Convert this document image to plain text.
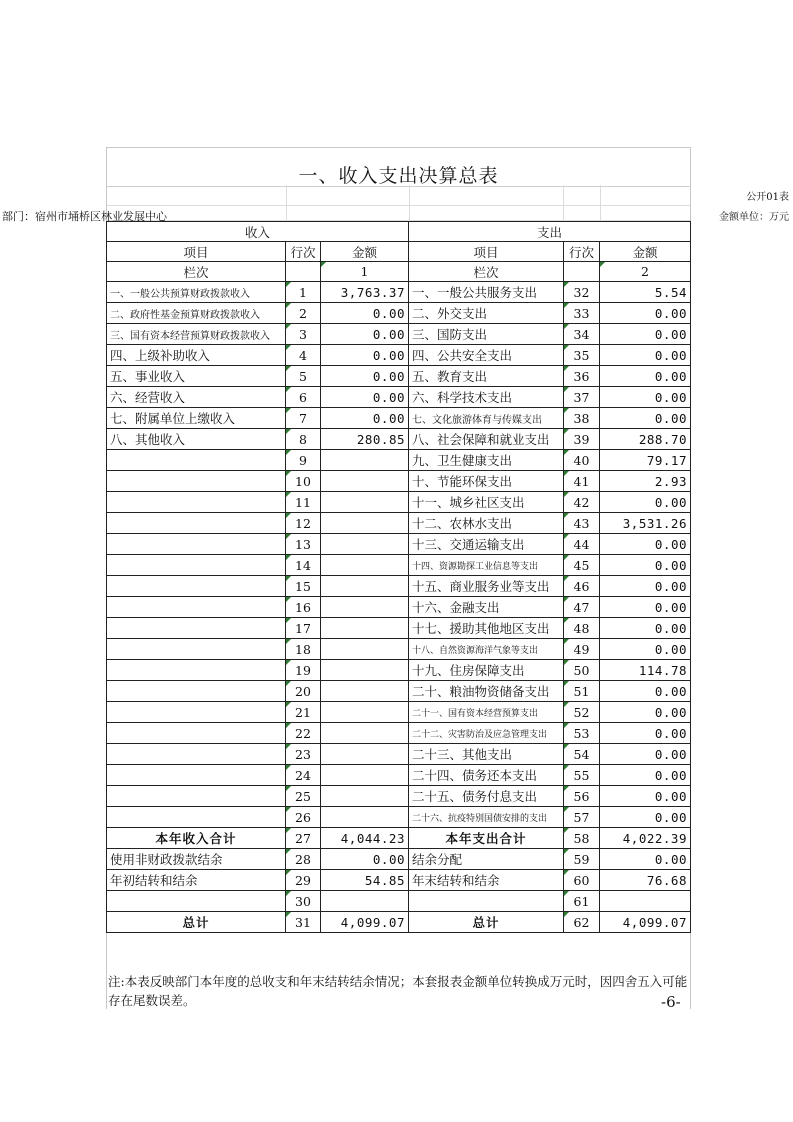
一、收入支出决算总表
公开01表
部门：宿州市埇桥区林业发展中心	金额单位：万元
收入			支出		
项目	行次	金额	项目	行次	金额
栏次		1	栏次		2
一、一般公共预算财政拨款收入	1	3,763.37	一、一般公共服务支出	32	5.54
二、政府性基金预算财政拨款收入	2	0.00	二、外交支出	33	0.00
三、国有资本经营预算财政拨款收入	3	0.00	三、国防支出	34	0.00
四、上级补助收入	4	0.00	四、公共安全支出	35	0.00
五、事业收入	5	0.00	五、教育支出	36	0.00
六、经营收入	6	0.00	六、科学技术支出	37	0.00
七、附属单位上缴收入	7	0.00	七、文化旅游体育与传媒支出	38	0.00
八、其他收入	8	280.85	八、社会保障和就业支出	39	288.70
	9		九、卫生健康支出	40	79.17
	10		十、节能环保支出	41	2.93
	11		十一、城乡社区支出	42	0.00
	12		十二、农林水支出	43	3,531.26
	13		十三、交通运输支出	44	0.00
	14		十四、资源勘探工业信息等支出	45	0.00
	15		十五、商业服务业等支出	46	0.00
	16		十六、金融支出	47	0.00
	17		十七、援助其他地区支出	48	0.00
	18		十八、自然资源海洋气象等支出	49	0.00
	19		十九、住房保障支出	50	114.78
	20		二十、粮油物资储备支出	51	0.00
	21		二十一、国有资本经营预算支出	52	0.00
	22		二十二、灾害防治及应急管理支出	53	0.00
	23		二十三、其他支出	54	0.00
	24		二十四、债务还本支出	55	0.00
	25		二十五、债务付息支出	56	0.00
	26		二十六、抗疫特别国债安排的支出	57	0.00
本年收入合计	27	4,044.23	本年支出合计	58	4,022.39
使用非财政拨款结余	28	0.00	结余分配	59	0.00
年初结转和结余	29	54.85	年末结转和结余	60	76.68
	30			61	
总计	31	4,099.07	总计	62	4,099.07
注:本表反映部门本年度的总收支和年末结转结余情况；本套报表金额单位转换成万元时，因四舍五入可能存在尾数误差。	-6-
